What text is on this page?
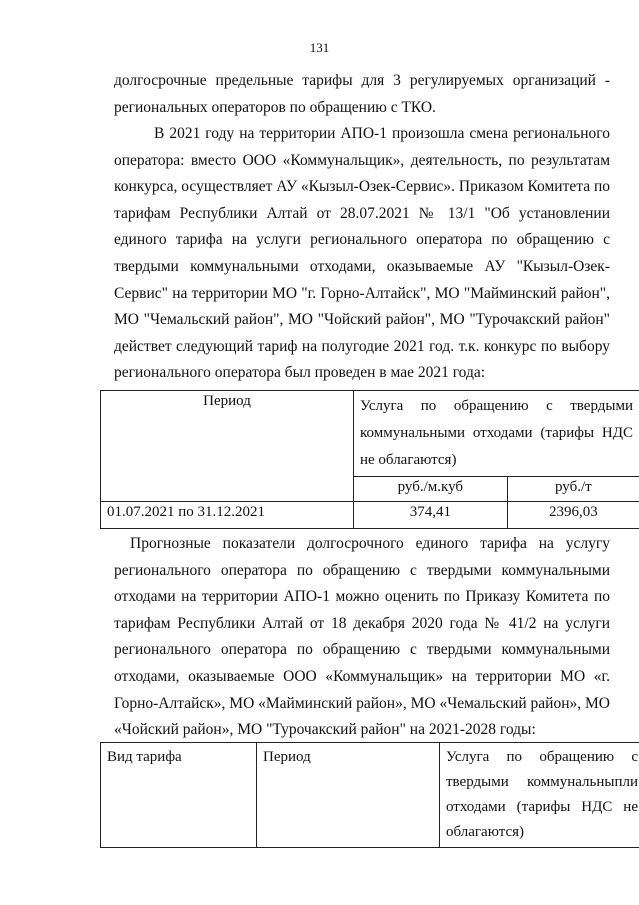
131

долгосрочные предельные тарифы для 3 регулируемых организаций - региональных операторов по обращению с ТКО.

В 2021 году на территории АПО-1 произошла смена регионального оператора: вместо ООО «Коммунальщик», деятельность, по результатам конкурса, осуществляет АУ «Кызыл-Озек-Сервис». Приказом Комитета по тарифам Республики Алтай от 28.07.2021 № 13/1 "Об установлении единого тарифа на услуги регионального оператора по обращению с твердыми коммунальными отходами, оказываемые АУ "Кызыл-Озек-Сервис" на территории МО "г. Горно-Алтайск", МО "Майминский район", МО "Чемальский район", МО "Чойский район", МО "Турочакский район" действет следующий тариф на полугодие 2021 год. т.к. конкурс по выбору регионального оператора был проведен в мае 2021 года:

Период	Услуга по обращению с твердыми коммунальными отходами (тарифы НДС не облагаются)	
	руб./м.куб	руб./т
01.07.2021 по 31.12.2021	374,41	2396,03

Прогнозные показатели долгосрочного единого тарифа на услугу регионального оператора по обращению с твердыми коммунальными отходами на территории АПО-1 можно оценить по Приказу Комитета по тарифам Республики Алтай от 18 декабря 2020 года № 41/2 на услуги регионального оператора по обращению с твердыми коммунальными отходами, оказываемые ООО «Коммунальщик» на территории МО «г. Горно-Алтайск», МО «Майминский район», МО «Чемальский район», МО «Чойский район», МО "Турочакский район" на 2021-2028 годы:

Вид тарифа	Период	Услуга по обращению с твердыми коммунальныпли отходами (тарифы НДС не облагаются)
